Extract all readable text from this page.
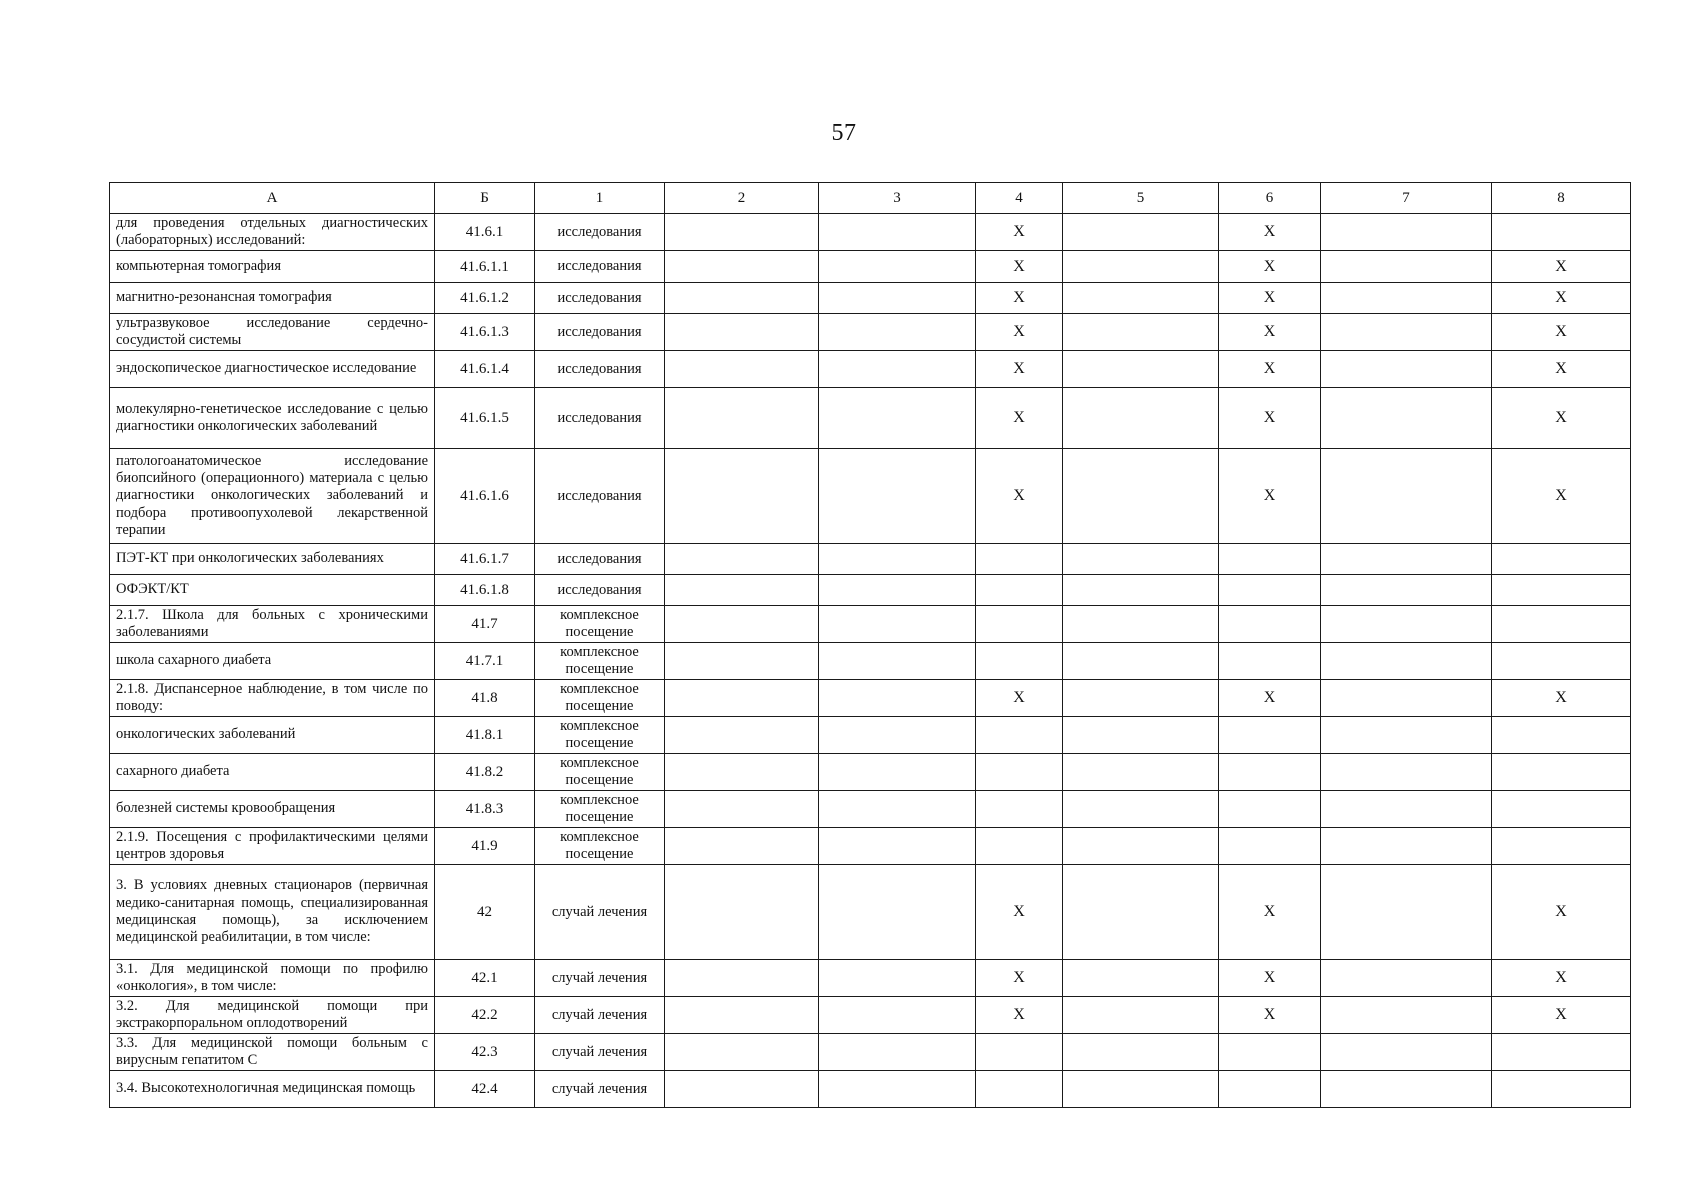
57
А	Б	1	2	3	4	5	6	7	8
для проведения отдельных диагностических (лабораторных) исследований:	41.6.1	исследования			Х		Х		
компьютерная томография	41.6.1.1	исследования			Х		Х		Х
магнитно-резонансная томография	41.6.1.2	исследования			Х		Х		Х
ультразвуковое исследование сердечно-сосудистой системы	41.6.1.3	исследования			Х		Х		Х
эндоскопическое диагностическое исследование	41.6.1.4	исследования			Х		Х		Х
молекулярно-генетическое исследование с целью диагностики онкологических заболеваний	41.6.1.5	исследования			Х		Х		Х
патологоанатомическое исследование биопсийного (операционного) материала с целью диагностики онкологических заболеваний и подбора противоопухолевой лекарственной терапии	41.6.1.6	исследования			Х		Х		Х
ПЭТ-КТ при онкологических заболеваниях	41.6.1.7	исследования							
ОФЭКТ/КТ	41.6.1.8	исследования							
2.1.7. Школа для больных с хроническими заболеваниями	41.7	комплексное посещение							
школа сахарного диабета	41.7.1	комплексное посещение							
2.1.8. Диспансерное наблюдение, в том числе по поводу:	41.8	комплексное посещение			Х		Х		Х
онкологических заболеваний	41.8.1	комплексное посещение							
сахарного диабета	41.8.2	комплексное посещение							
болезней системы кровообращения	41.8.3	комплексное посещение							
2.1.9. Посещения с профилактическими целями центров здоровья	41.9	комплексное посещение							
3. В условиях дневных стационаров (первичная медико-санитарная помощь, специализированная медицинская помощь), за исключением медицинской реабилитации, в том числе:	42	случай лечения			Х		Х		Х
3.1. Для медицинской помощи по профилю «онкология», в том числе:	42.1	случай лечения			Х		Х		Х
3.2. Для медицинской помощи при экстракорпоральном оплодотворений	42.2	случай лечения			Х		Х		Х
3.3. Для медицинской помощи больным с вирусным гепатитом С	42.3	случай лечения							
3.4. Высокотехнологичная медицинская помощь	42.4	случай лечения							
